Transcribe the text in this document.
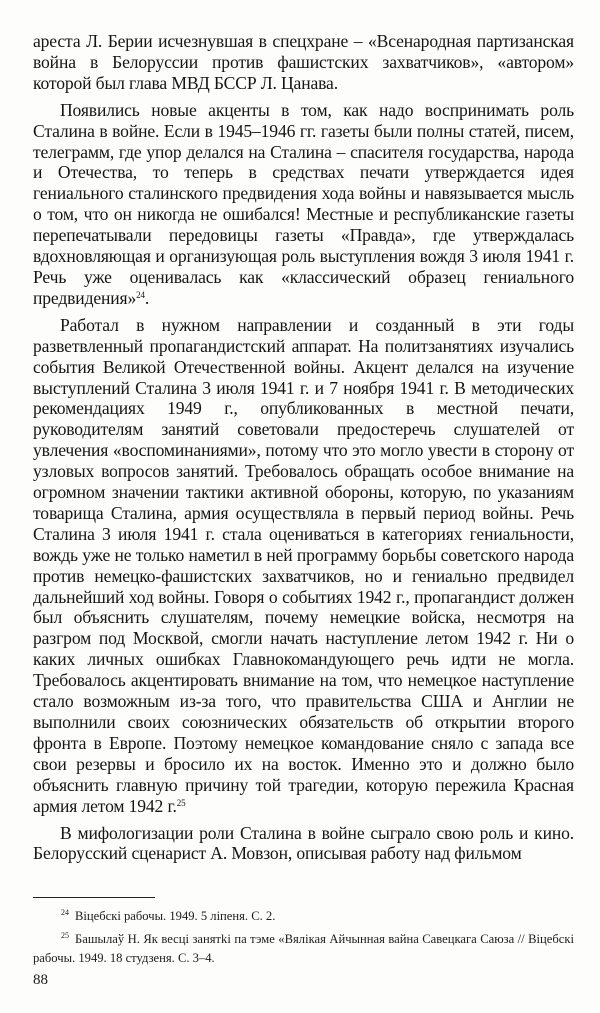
ареста Л. Берии исчезнувшая в спецхране – «Всенародная партизанская война в Белоруссии против фашистских захватчиков», «автором» которой был глава МВД БССР Л. Цанава.

Появились новые акценты в том, как надо воспринимать роль Сталина в войне. Если в 1945–1946 гг. газеты были полны статей, писем, телеграмм, где упор делался на Сталина – спасителя государства, народа и Отечества, то теперь в средствах печати утверждается идея гениального сталинского предвидения хода войны и навязывается мысль о том, что он никогда не ошибался! Местные и республиканские газеты перепечатывали передовицы газеты «Правда», где утверждалась вдохновляющая и организующая роль выступления вождя 3 июля 1941 г. Речь уже оценивалась как «классический образец гениального предвидения»$^{24}$.

Работал в нужном направлении и созданный в эти годы разветвленный пропагандистский аппарат. На политзанятиях изучались события Великой Отечественной войны. Акцент делался на изучение выступлений Сталина 3 июля 1941 г. и 7 ноября 1941 г. В методических рекомендациях 1949 г., опубликованных в местной печати, руководителям занятий советовали предостеречь слушателей от увлечения «воспоминаниями», потому что это могло увести в сторону от узловых вопросов занятий. Требовалось обращать особое внимание на огромном значении тактики активной обороны, которую, по указаниям товарища Сталина, армия осуществляла в первый период войны. Речь Сталина 3 июля 1941 г. стала оцениваться в категориях гениальности, вождь уже не только наметил в ней программу борьбы советского народа против немецко-фашистских захватчиков, но и гениально предвидел дальнейший ход войны. Говоря о событиях 1942 г., пропагандист должен был объяснить слушателям, почему немецкие войска, несмотря на разгром под Москвой, смогли начать наступление летом 1942 г. Ни о каких личных ошибках Главнокомандующего речь идти не могла. Требовалось акцентировать внимание на том, что немецкое наступление стало возможным из-за того, что правительства США и Англии не выполнили своих союзнических обязательств об открытии второго фронта в Европе. Поэтому немецкое командование сняло с запада все свои резервы и бросило их на восток. Именно это и должно было объяснить главную причину той трагедии, которую пережила Красная армия летом 1942 г.$^{25}$

В мифологизации роли Сталина в войне сыграло свою роль и кино. Белорусский сценарист А. Мовзон, описывая работу над фильмом

$^{24}$ Віцебскі рабочы. 1949. 5 ліпеня. С. 2.

$^{25}$ Башылаў Н. Як весці занятkі па тэме «Вялікая Айчынная вайна Савецкага Саюза // Віцебскі рабочы. 1949. 18 студзеня. С. 3–4.

88
